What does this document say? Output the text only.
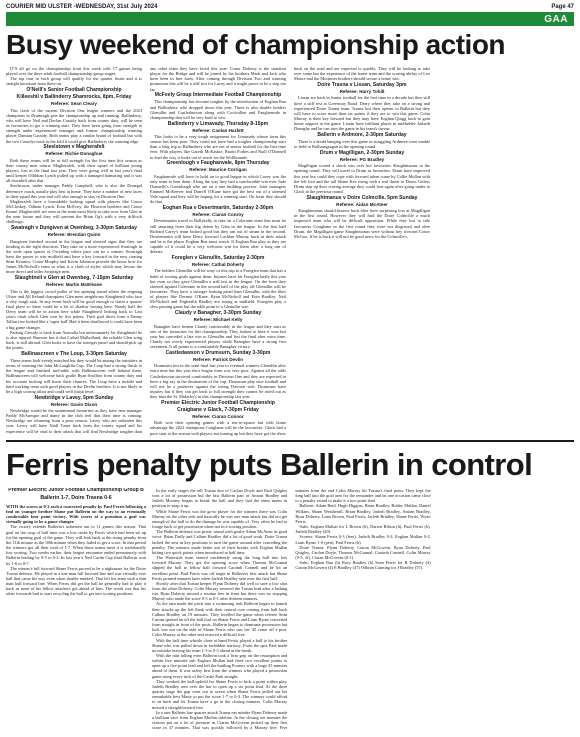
COURIER MID ULSTER -WEDNESDAY, 31st July 2024	Page 47
GAA
Busy weekend of championship action

IT'S all go on the championship front this week with 17 games being played over the three adult football championship group stages.

The top four in each group will qualify for the quarter finals and it is straight knockout from there on.

O'Neill's Senior Football Championship
Killeeshil v Ballinderry Shamrocks, 8pm, Friday
Referee: Sean Cleary

This clash of the current Division One league winners and the 2023 champions in Drumragh gets the championship up and running. Ballinderry, who will have Neil and Declan Cassidy back from county duty, will be seen as favourites to get a winning start. They have been going from strength to strength under experienced manager and former championship winning player Damian Cassidy. Both teams play a similar brand of football but with the two Cassidys back in the fold it could give Ballinderry the winning edge.

Steelstown v Magherafelt
Referee: Richie Donaghue

Both these teams will be at full strength for the first time this season as their county men return. Magherafelt, with their squad of brilliant young players, lost in the final last year. They were going well in last year's final until keeper Oilibhan Lynch pulled up with a damaged hamstring and it was all downhill after that.

Steelstown, under manager Paddy Campbell, who is also the Donegal defensive coach, usually play best at home. They have a number of new faces in their squad this year and will also enough to stay in Division One.

Magherafelt have a formidable looking squad with players like Conor McCloskey, Odhran Lynch, Eoin McEvoy, the Heavron brothers and Conor Keane. Magherafelt are seen as the team most likely to take over from Glen in the near future and they will present the Brian Og's with a very difficult challenge.

Swatragh v Dungiven at Owenbeg, 3-30pm Saturday
Referee: Brendan Quinn

Dungiven finished second in the league and showed signs that they are heading in the right direction. They take on a more experienced Swatragh in the wide open spaces of Owenbeg where pace can be a winner. Swatragh have the power to win midfield and have a key forward in the new coming Sean Kearney. Conor Murphy and Kevin Johnston provide the know how for James McNicholl's team in what is a clash of styles which may favour the more direct and taller Swatragh men.

Slaughtneil v Glen at Owenbeg, 7-15pm Saturday
Referee: Martin McEleane

This is the biggest crowd puller of the opening round where the reigning Ulster and All Ireland champions Glen meet neighbours Slaughtneil who face a very tough task. In any event both will be good enough to claim a quarter final place so there could be a bit of shadow boxing here. Nearly half the Derry team will be in action here while Slaughtneil looking back to Last year's clash which Glen won by five points. Their goal direct from a Danny Tallon free looked like a 'super ball' Had it been disallowed it could have been a big game changer.

Padraig Cassidy is back from Australia but unfortunately for Slaughtneil he is also injured. Rumour has it that Cathal Mulholland, the reliable Glen wing back, is still abroad. Glen looks to have the stronger panel and should pick up the points.

Ballinascreen v The Loup, 3-30pm Saturday

These teams look evenly matched but they would be among the outsiders in terms of winning the John McLaughlin Cup. The Loup had a strong finish to the league and finished mid-table with Ballinascreen well behind them. Ballinascreen will welcome back goalie Ryan Scullion from county duty and his accurate kicking will boost their chances. The Loup have a mobile and hard working team with good players in the Devlin brothers. It is not likely to be a high scoring affair and could well finish level.

Newbridge v Lavey, 5pm Sunday
Referee: Gavin Dixon

Newbridge would be the sentimental favourites as they have new manager Paddy McAnespie and many in the club feel that their time is coming. Newbridge are returning from a poor season. Lavey who are unbeaten this year. Lavey will have Niall Toner back from the county squad and his experience will be vital to their attack that will find Newbridge tougher than any other team they have faced this year. Conor Doherty is the standout player for the Bridge and will be joined by his brothers Mark and Jack who have been in fine form. After coming through Division Two and winning promotion this will be a stiff test for Lavey and it might prove to be a step too far.

McFeely Group Intermediate Football Championship

This championship has become tougher by the introduction of Eoghan Rua and Ballinderry who dropped down this year. There is also double holders Glenullin and Castledawson along with Coolcullen and Faughanvale in championship that will be very hard to win.

Ballinderry v Limavady, Thursday 8-15pm
Referee: Caolan Hazlett

This looks to be a very tough assignment for Limavady whose form this season has been poor. They could not have had a tougher championship start than a long trip to Ballinderry who are out of senior football for the first time ever. With players like Gareth McKaskie, Ruairi Forbes and Niall O'Donnell to lead the way it looks out of reach for the Wolfhounds.

Greenlough v Faughanvale, 8pm Thursday
Referee: Maurice Corrigan

Faughanvale will have to hold on to good league in which Lavey was the only team to beat them. Along the way they had a comfortable win over Jude Donnelly's Greenlough who are on a rare building process. Joint managers Emmett McKeever and Darrell O'Kane have got the best out of a talented Vale squad and they will be hoping for a winning start. On form they should do that.

Eoghan Rua v Desertmartin, Saturday 2-30pm
Referee: Ciaran Conroy

Desertmartin travel to Ballykelly to take on a Coleraine team that must be still smarting from their big defeat by Glen in the league. In the first half Richard Carey's team looked good but they ran out of steam in the second. Desertmartin will have Derry forward Lachlan Murray back in their attack and he is the player Eoghan Rua must watch. If Eoghan Rua play as they are capable of it could be a very welcome win for them after a long run of defeats.

Foreglen v Glenullin, Saturday 2-30pm
Referee: Cathal Doherty

The holders Glenullin will be wary of this trip to a Foreglen team that has a habit of scoring goals against them. Injuries have hit Foreglen badly this year but even so they gave Glenullin a stiff test in the league. On the form they showed against Coleraine in the second half of the play off Glenullin will be favourites. They have a stronger looking panel than Glenullin, with the likes of players like Dermot O'Kane, Ryan McNicholl and Eoin Bradley. Neil McNicholl and Tirghealth Bradley are strong at midfield. Foreglen play a slow passing game but the odds point to a Glenullin win.

Claudy v Banagher, 3-30pm Sunday
Referee: Michael Kelly

Banagher have beaten Claudy comfortably in the league and they start as one of the favourites for this championship. They looked to have it won last year but conceded a late win to Glenullin and lost the final after extra time. Claudy not overly experienced players while Banagher have a strong first seventeen. It all points to a comfortable Banagher victory.

Castledawson v Drumsurn, Sunday 3-30pm
Referee: Patrick Devlin

Drumsurn lost in the semi final last year to eventual winners Glenullin after extra time but this year their league form was very poor. Against all the odds Castledawson survived comfortably in Division One and they are expected to have a big say in the destination of the cup. Drumsurn play nice football and will not be a pushover against the strong Dawson side. Drumsurn have injuries but if they can get back to full strength they cannot be ruled out as they beat the St. Malachy's in this championship last year.

Premier Electric Junior Football Championship
Craigbane v Glack, 7-30pm Friday
Referee: Ciaran Connor

Both won their opening games with a ten-to-square but with home advantage the 2022 champions Craigbane will be the favourites. Glack had a poor start to the season with players not turning up but they have got the show back on the road and are expected to qualify. They will be looking to take over some but the experience of the home team and the scoring ability of Leo Moore and the Mortimer brothers should secure a home win.

Doire Trasna v Lissan, Saturday 3pm
Referee: Harry Tohill

Lissan are back in Junior football for the first time in a decade but they still have a stiff test at Greenway Road. Derry where they take on a strong and experienced Doire Trasna team. Trasna lost their opener to Ballerin but they will have to score more than six points if they are to win this game. Colm Murray is their key forward but they may have Eoghan Quigg back to gain home support in the game. Lissan have brilliant player in midfielder Jarlaith Donaghy and he can turn the game in his team's favour.

Ballerin v Ardmore, 2-30pm Saturday

There is a doubt hanging over this game as struggling Ardmore were unable to field to Ballynagaugan in the opening round.

Drum v Magilligan, 2-30pm Sunday
Referee: PG Bradley

Magilligan scored a shock win over hot favourites Slaughtmanus in the opening round. They will travel to Drum as favourites. Drum have improved this year but could they cope with forward talent come by Collie Mullan with the left foot and the tall Shane Kee rising with a real threat to Drum. Unless Drum step up their scoring average they could lose again after going under to Glack in the previous round.

Slaughtmanus v Doire Colmcille, 5pm Sunday
Referee: Aidan McAteer

Slaughtmanus should bounce back after their surprising loss at Magilligan in the first round. However they will find the Doire Colmcille a much improved team who will be difficult opposition. While they lost to title favourites Craigbane in the first round they were not disgraced and after Drum, the Magilligan game Slaughtmanus were without key forward Conor McGoo. If he is back it will not be good news for the Colmcille's.

Ferris penalty puts Ballerin in control
Premier Electric Junior Football Championship Group B
Ballerin 1-7, Doire Trasna 0-6

WITH the scores at 0-3 each a converted penalty by Paul Ferris following a foul on younger brother Shane put Ballerin on the way to an eventually comfortable four point victory. With scores at a premium a goal was virtually going to be a game changer.

The victory extends Ballerin's unbeaten run to 11 games this season. That goal on the cusp of half time was a low strike by Ferris which had been set up for the opening goal of the game. They will look back at the rising penalty from the 11th minute as the 58th minute when they failed to get a score. In that period the winners got all their total of 1-7. When those teams meet it is traditionally low scoring. Two weeks earlier, their league encounter ended prematurely with Ballerin leading by 0-5 to 0-2. In last year's Neil Carlin Cup final Ballerin won by 1-6 to 0-7.

The winner's full forward Shane Ferris proved to be a nightmare for the Doire Trasna defence. He played in a one man full forward line and was virtually ever ball that came his way even when double marked. That left his team with a thin man half forward line. When Ferris did get the ball he generally had to play it back as none of his fellow attackers got ahead of him. The result was that his other forwards had to start recycling the ball to get into scoring positions.

In the early stages the tall Trasna duo of Caolan Doyle and Paul Quigley won a lot of possession but the fast Ballerin pair of Antoin Bradley and Jarleth Mooney began to break the ball and they had the team mates in position to snap it up.

While Shane Ferris was the go-to player for the winners there was Colin Murray on the other side and basically he was one man attack but did not get enough of the ball to do the damage he was capable of. Very often he had to forage back to get possession when not in a scoring position.

The Ballerin defence was pretty sound with goalie Adam McAteer in good voice, Brian Duffy and Callum Bradley did a lot of good work. Doire Trasna lacked the zest in key positions to turn the game around after conceding the penalty. The winners made better use of their breaks with Eoghan Mullan hitting two quick points when introduced at half time.

The Waterside team started confidently using the long ball into key forward Murray. They got the opening score when Thomas McGonnal slipped the ball to fellow half forward Caoimh Connell and he hit an excellent point. Paul Ferris was off target in Ballerin's first attack but Shane Ferris pointed minutes later when Jarleth Bradley sent over the first half.

Shortly after that Trasna keeper Flynn Doherty did well to save a low shot from the other Doherty. Colin Murray restored the Trasna lead after a lashing run. Ryan Doherty missed a routine free in front but there was no stopping Murray who made the score 0-3 to 0-1 after thirteen minutes.

As the rain made the pitch into a swimming rink Ballerin began to launch their attacks up the left flank with their central core coming from half back Callum Bradley on 19 minutes. They levelled the game when referee Sean Curran spotted an off the ball foul on Shane Ferris and Liam Byrne converted from straight in front of the posts. Ballerin began to dominate possession but luck was not on the side of Shane Ferris who saw his '45 come off a post. Colin Murray at the other end restored a difficult free.

With the half time whistle close at hand Ferris played a ball to his brother Shane who was pulled down in forbidden territory. From the spot Paul made no mistake leaving his team 1-3 to 0-3 ahead at the break.

With the rain falling even Ballerin took a firm grip on the resumption and within five minutes sub Eoghan Mullan had fired two excellent points to open up a five point lead and left the battling Pourers with a huge 25 minutes ahead of them. It was safety first from the winners who played a possession game using every inch of the Castle Park straight.

They worked the ball upfield for Shane Ferris to kick a point within play. Jarleth Bradley sent over the bar to open up a six point lead. At the three quarter stage the gap went out to seven when Shane Ferris pulled out his remarkable best Marty to put the score 1-7 to 0-3. The winners could afford to sit back and let Trasna have a go in the closing minutes. Colin Murray missed a straightforward free.

In a rare Ballerin late quarter attack Trasna net minder Flynn Doherty made a brilliant save from Eoghan Mullan sideline. In the closing ten minutes the visitors put on a lot of pressure as Ciaran McGovern picked up their first score in 37 minutes. That was quickly followed by a Murray free. Five minutes from the end Colin Murray hit Trasna's final point. They kept the long ball into the goal area for the remainder and on one occasion came close to a penalty award to make it a two point lead.

Ballerin: Adam Reid, Hugh Higgins, Brian Bradley, Bobby Mullan, Daniel Wilkins, Shane Weatherall, Brian Bradley, Jarleth Bradley, Antoin Bradley, Ryan Doherty, Liam Brown, Paul Ferris, Jarleth Bradley, Shane Ferris, Wyatt Ferris.

Subs: Eoghan Mullan for L Brown (h), Darren Bilson (h), Paul Ferris (h), Jarleth Bradley (49).

Scorers: Shane Ferris 0-3 (free), Jarleth Bradley 0-2, Eoghan Mullan 0-2, Liam Byrne 1-0 (pen), Paul Ferris (h).

Doire Trasna: Flynn Doherty, Ciaran McGovern, Ryan Doherty, Paul Quigley, Caolan Doyle, Thomas McGonnal, Caoimh Connell, Colin Murray (0-5, 4f), Ciaran McGovern (0-1).

Subs: Eoghan Rua (h) Rory Bradley (h) Sean Ferris for R Doherty (4) Ciaran McGovern (4) E Bradley (47) Odhran Cunning for J Bradley (57).
